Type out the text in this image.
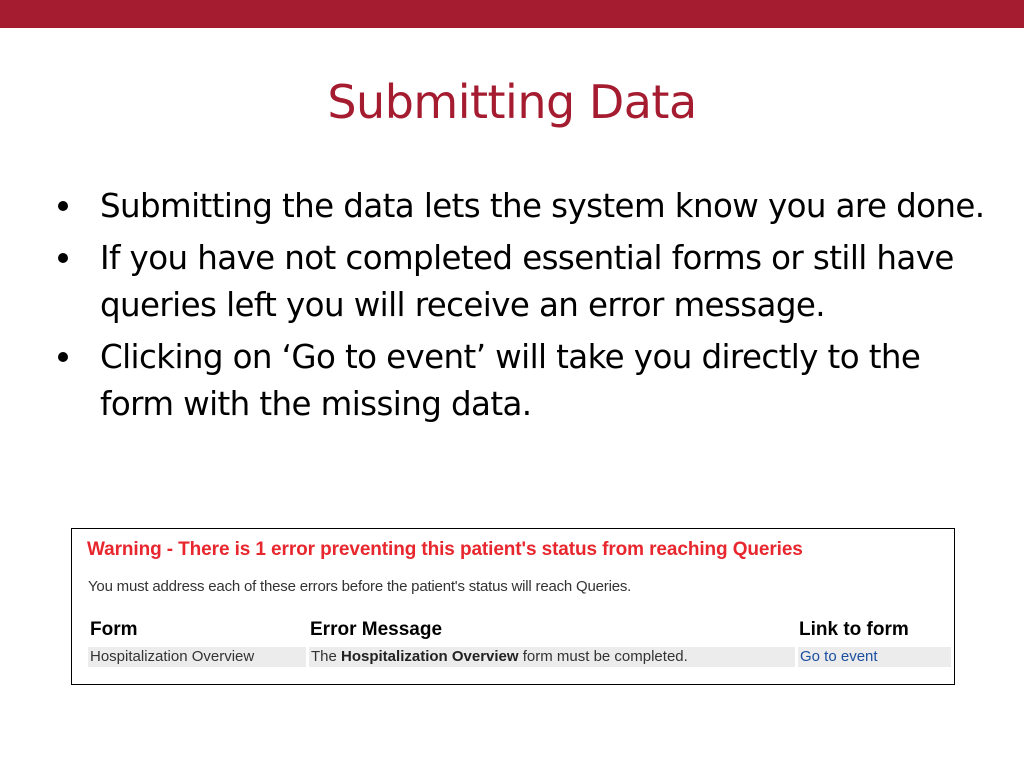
Submitting Data
Submitting the data lets the system know you are done.
If you have not completed essential forms or still have queries left you will receive an error message.
Clicking on ‘Go to event’ will take you directly to the form with the missing data.
Warning - There is 1 error preventing this patient's status from reaching Queries
You must address each of these errors before the patient's status will reach Queries.
Form	Error Message	Link to form
Hospitalization Overview	The Hospitalization Overview form must be completed.	Go to event
